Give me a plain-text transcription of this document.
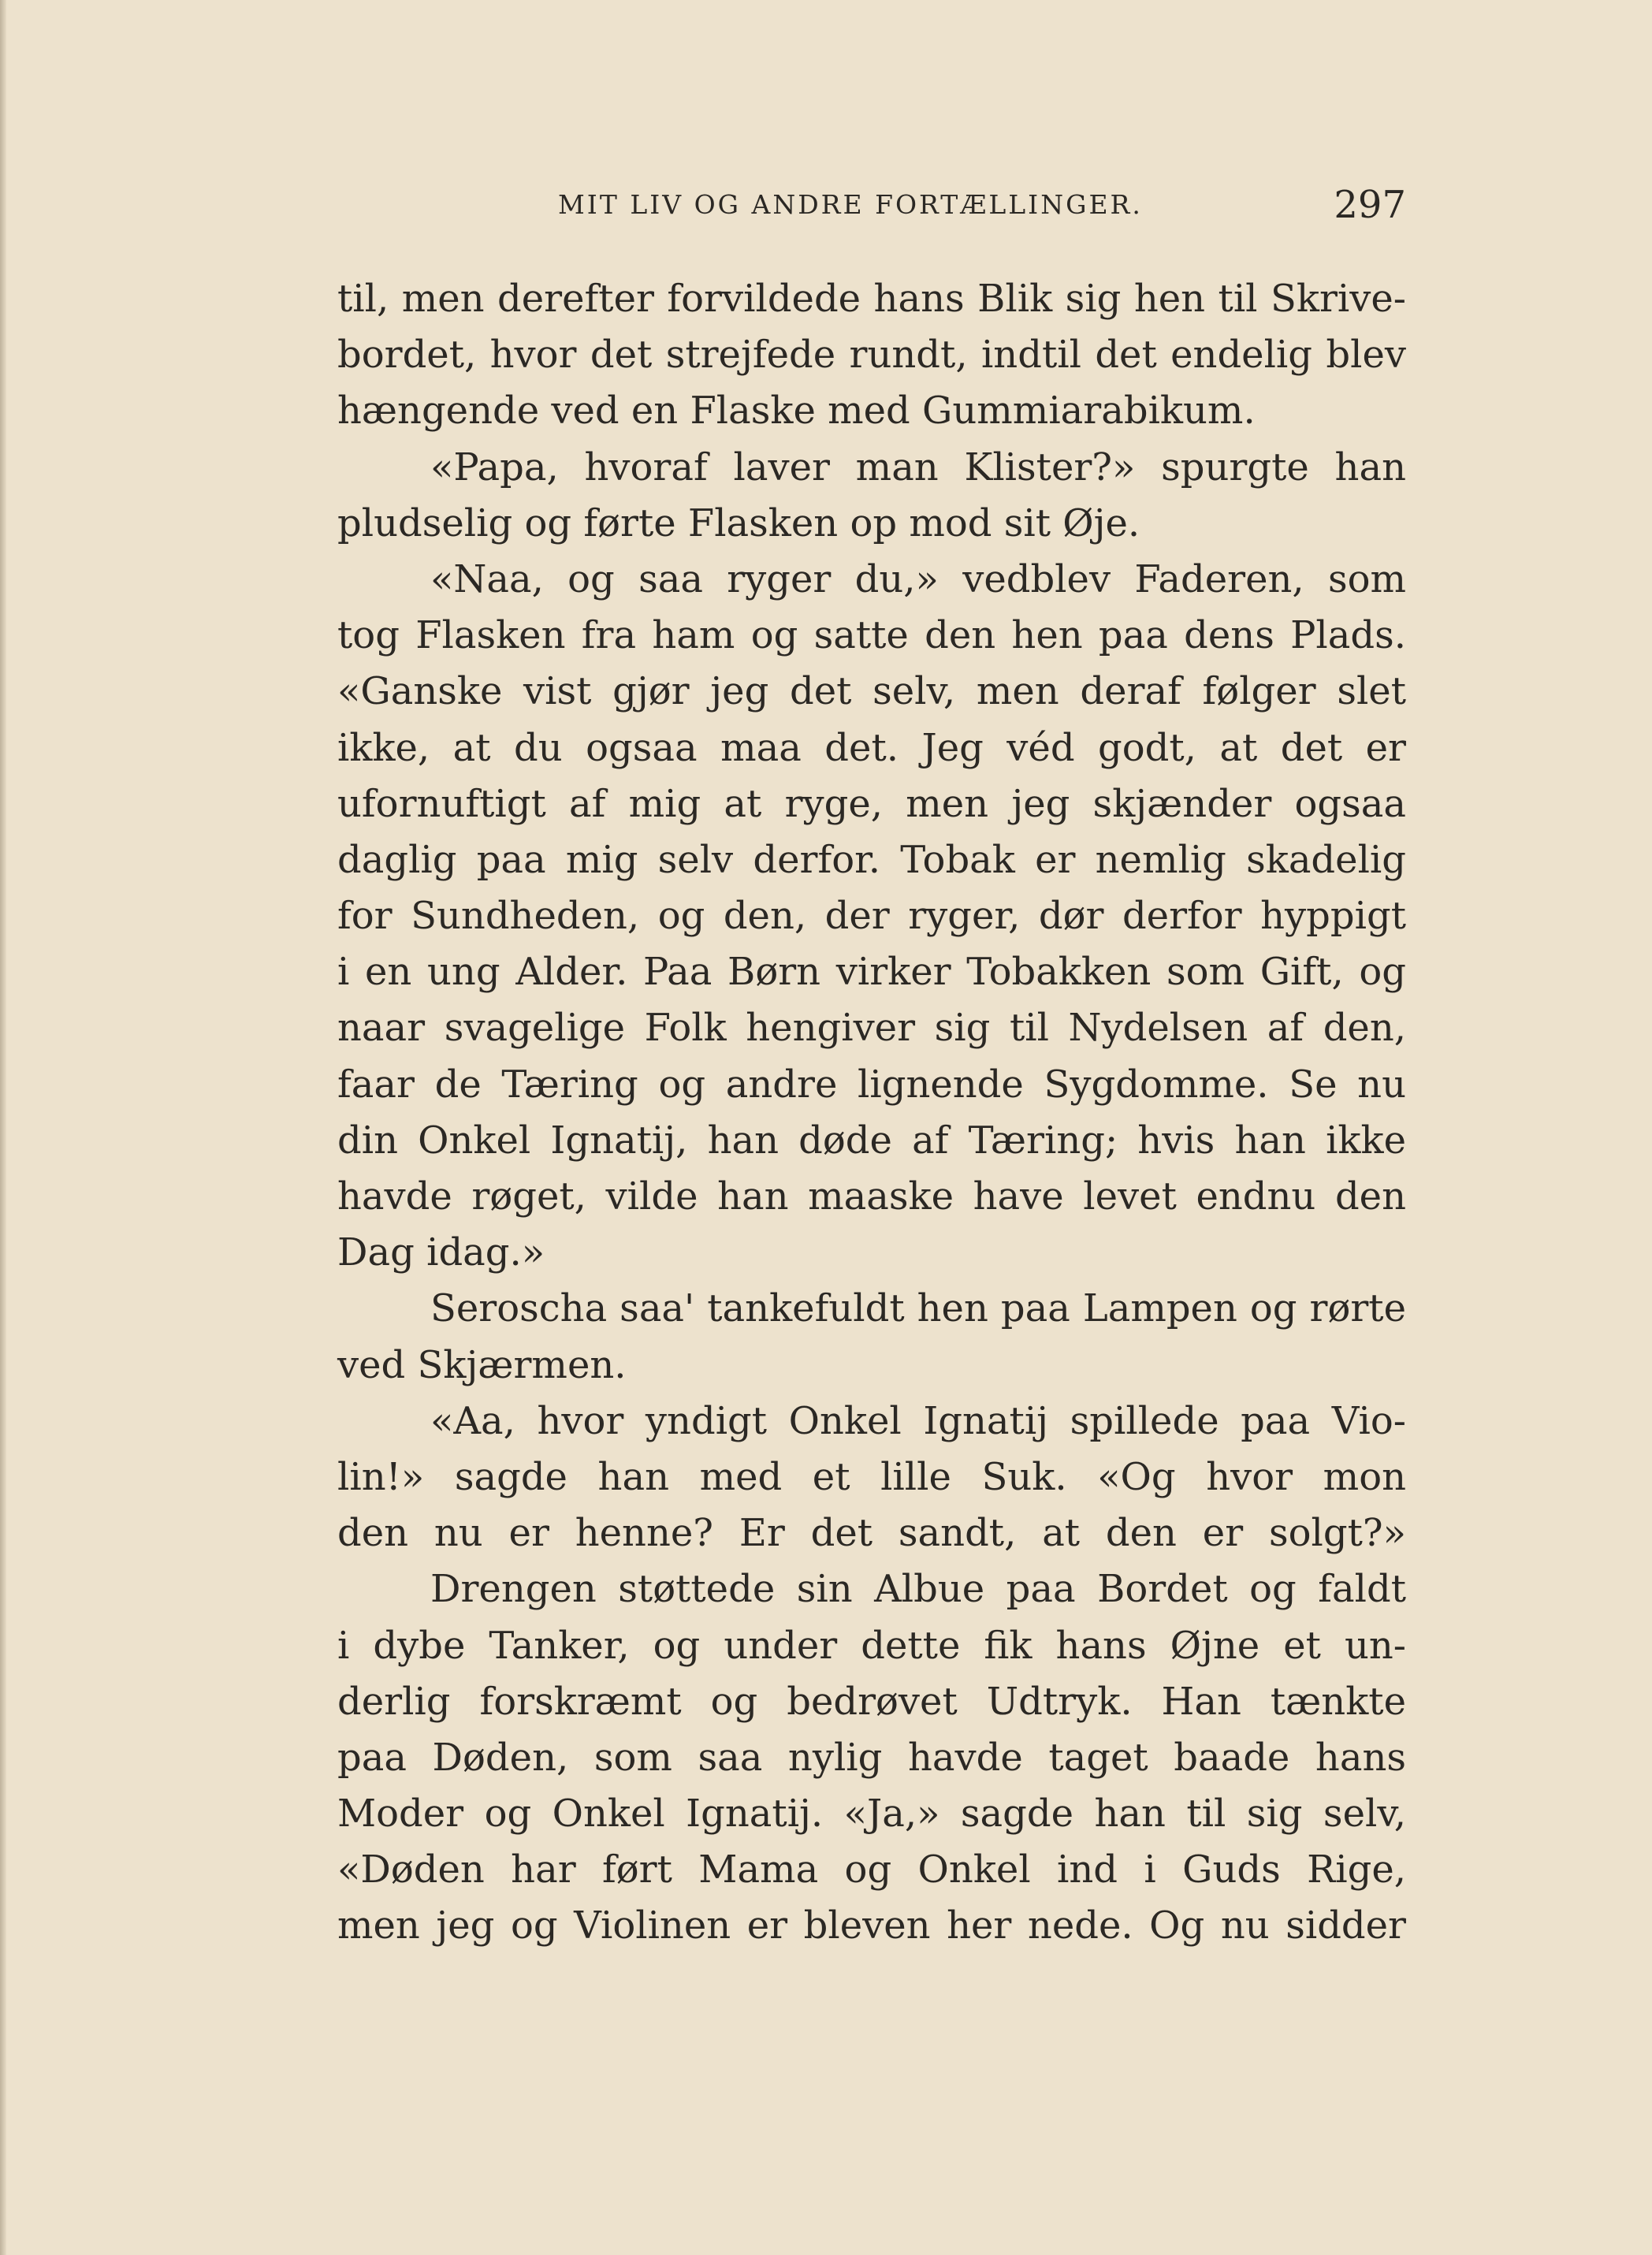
MIT LIV OG ANDRE FORTÆLLINGER.	297
til, men derefter forvildede hans Blik sig hen til Skrive-
bordet, hvor det strejfede rundt, indtil det endelig blev
hængende ved en Flaske med Gummiarabikum.
«Papa, hvoraf laver man Klister?» spurgte han
pludselig og førte Flasken op mod sit Øje.
«Naa, og saa ryger du,» vedblev Faderen, som
tog Flasken fra ham og satte den hen paa dens Plads.
«Ganske vist gjør jeg det selv, men deraf følger slet
ikke, at du ogsaa maa det. Jeg véd godt, at det er
ufornuftigt af mig at ryge, men jeg skjænder ogsaa
daglig paa mig selv derfor. Tobak er nemlig skadelig
for Sundheden, og den, der ryger, dør derfor hyppigt
i en ung Alder. Paa Børn virker Tobakken som Gift, og
naar svagelige Folk hengiver sig til Nydelsen af den,
faar de Tæring og andre lignende Sygdomme. Se nu
din Onkel Ignatij, han døde af Tæring; hvis han ikke
havde røget, vilde han maaske have levet endnu den
Dag idag.»
Seroscha saa' tankefuldt hen paa Lampen og rørte
ved Skjærmen.
«Aa, hvor yndigt Onkel Ignatij spillede paa Vio-
lin!» sagde han med et lille Suk. «Og hvor mon
den nu er henne? Er det sandt, at den er solgt?»
Drengen støttede sin Albue paa Bordet og faldt
i dybe Tanker, og under dette fik hans Øjne et un-
derlig forskræmt og bedrøvet Udtryk. Han tænkte
paa Døden, som saa nylig havde taget baade hans
Moder og Onkel Ignatij. «Ja,» sagde han til sig selv,
«Døden har ført Mama og Onkel ind i Guds Rige,
men jeg og Violinen er bleven her nede. Og nu sidder
